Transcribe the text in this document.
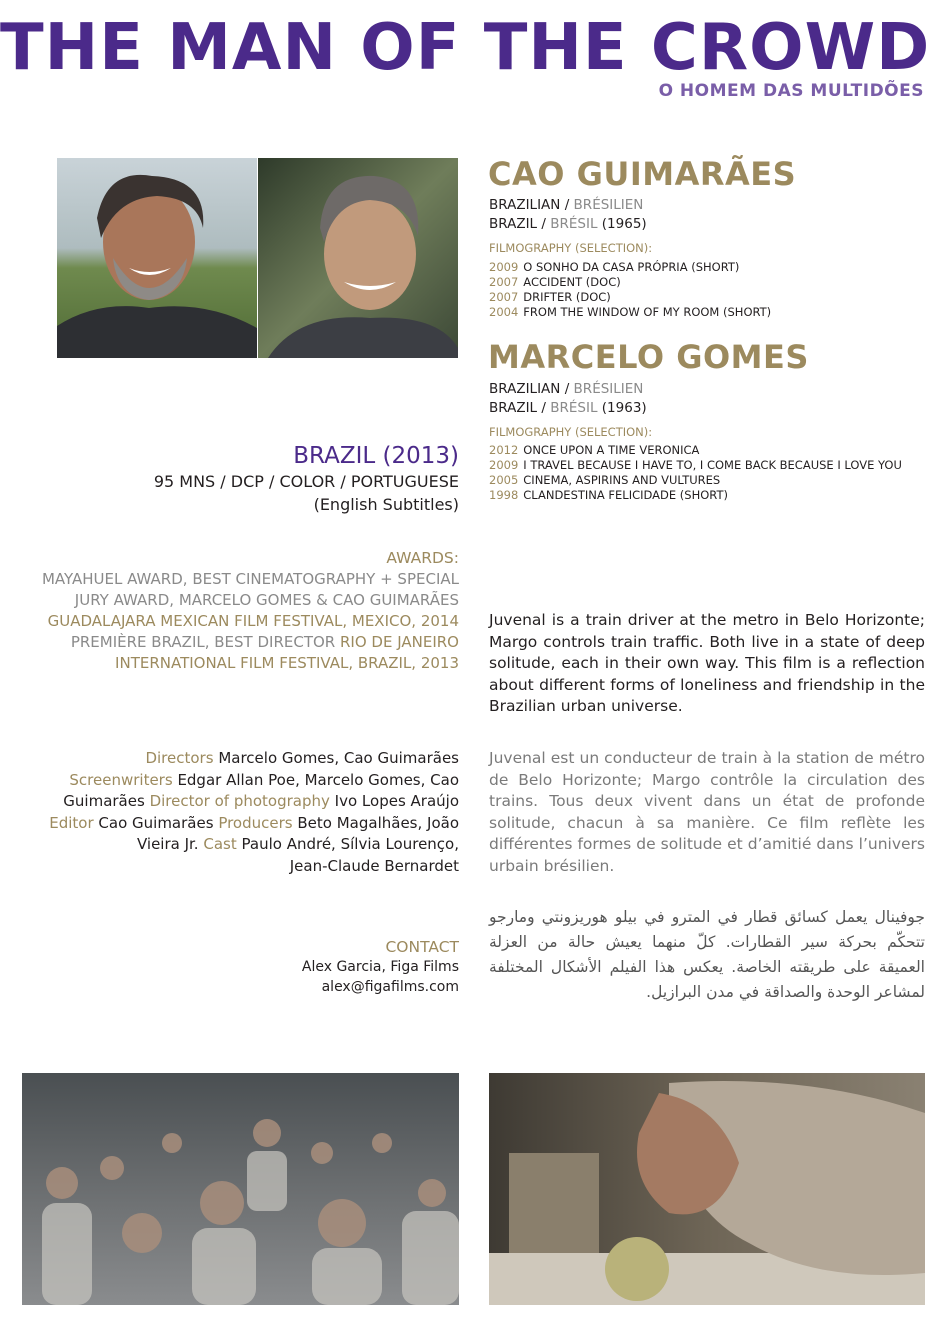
THE MAN OF THE CROWD
O HOMEM DAS MULTIDÕES
CAO GUIMARÃES
BRAZILIAN / BRÉSILIEN
BRAZIL / BRÉSIL (1965)
FILMOGRAPHY (SELECTION):
2009 O SONHO DA CASA PRÓPRIA (SHORT)
2007 ACCIDENT (DOC)
2007 DRIFTER (DOC)
2004 FROM THE WINDOW OF MY ROOM (SHORT)
MARCELO GOMES
BRAZILIAN / BRÉSILIEN
BRAZIL / BRÉSIL (1963)
FILMOGRAPHY (SELECTION):
2012 ONCE UPON A TIME VERONICA
2009 I TRAVEL BECAUSE I HAVE TO, I COME BACK BECAUSE I LOVE YOU
2005 CINEMA, ASPIRINS AND VULTURES
1998 CLANDESTINA FELICIDADE (SHORT)
BRAZIL (2013)
95 MNS / DCP / COLOR / PORTUGUESE
(English Subtitles)
AWARDS:
MAYAHUEL AWARD, BEST CINEMATOGRAPHY + SPECIAL
JURY AWARD, MARCELO GOMES & CAO GUIMARÃES
GUADALAJARA MEXICAN FILM FESTIVAL, MEXICO, 2014
PREMIÈRE BRAZIL, BEST DIRECTOR RIO DE JANEIRO
INTERNATIONAL FILM FESTIVAL, BRAZIL, 2013
Directors Marcelo Gomes, Cao Guimarães
Screenwriters Edgar Allan Poe, Marcelo Gomes, Cao
Guimarães Director of photography Ivo Lopes Araújo
Editor Cao Guimarães Producers Beto Magalhães, João
Vieira Jr. Cast Paulo André, Sílvia Lourenço,
Jean-Claude Bernardet
CONTACT
Alex Garcia, Figa Films
alex@figafilms.com
Juvenal is a train driver at the metro in Belo Horizonte; Margo controls train traffic. Both live in a state of deep solitude, each in their own way. This film is a reflection about different forms of loneliness and friendship in the Brazilian urban universe.
Juvenal est un conducteur de train à la station de métro de Belo Horizonte; Margo contrôle la circulation des trains. Tous deux vivent dans un état de profonde solitude, chacun à sa manière. Ce film reflète les différentes formes de solitude et d’amitié dans l’univers urbain brésilien.
جوفينال يعمل كسائق قطار في المترو في بيلو هوريزونتي ومارجو تتحكّم بحركة سير القطارات. كلّ منهما يعيش حالة من العزلة العميقة على طريقته الخاصة. يعكس هذا الفيلم الأشكال المختلفة لمشاعر الوحدة والصداقة في مدن البرازيل.
